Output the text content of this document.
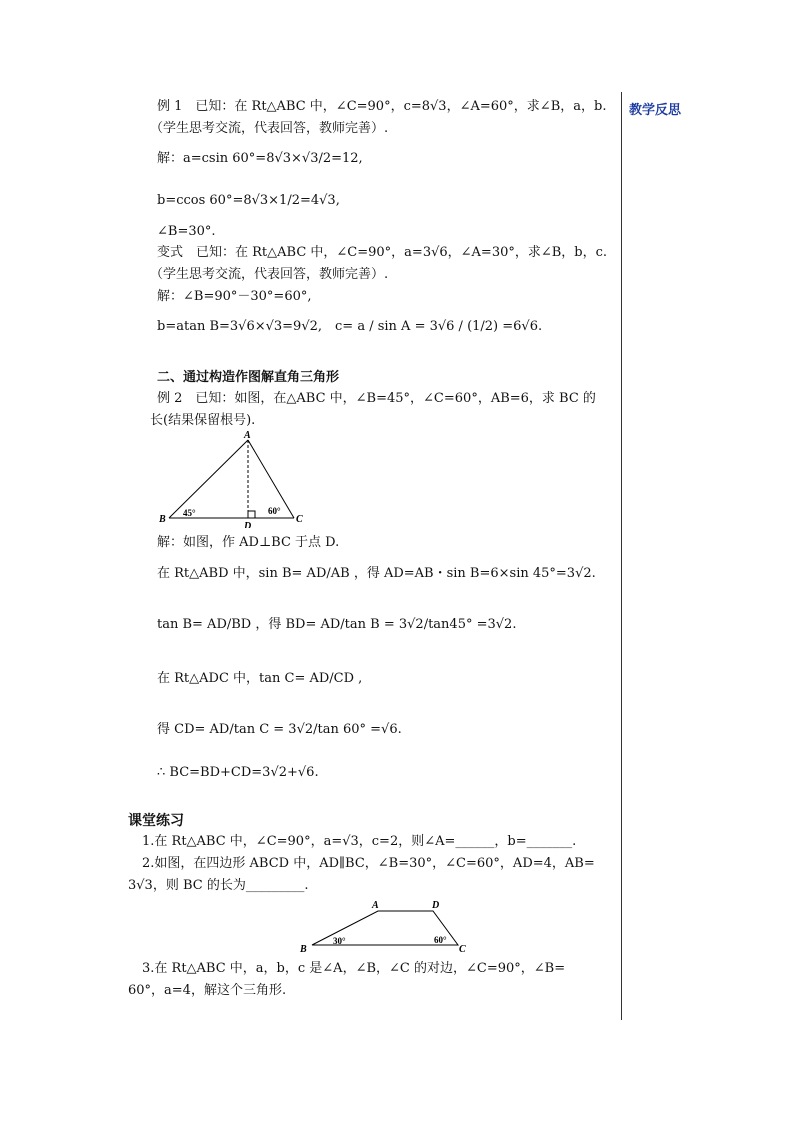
教学反思
例 1　已知：在 Rt△ABC 中，∠C=90°，c=8√3，∠A=60°，求∠B，a，b.
（学生思考交流，代表回答，教师完善）.
解：a=csin 60°=8√3×√3/2=12,
b=ccos 60°=8√3×1/2=4√3,
∠B=30°.
变式　已知：在 Rt△ABC 中，∠C=90°，a=3√6，∠A=30°，求∠B，b，c.
（学生思考交流，代表回答，教师完善）.
解：∠B=90°－30°=60°,
b=atan B=3√6×√3=9√2,　c= a / sin A = 3√6 / (1/2) =6√6.
二、通过构造作图解直角三角形
例 2　已知：如图，在△ABC 中，∠B=45°，∠C=60°，AB=6，求 BC 的
长(结果保留根号).
A
B	C
D
45°	60°
解：如图，作 AD⊥BC 于点 D.
在 Rt△ABD 中，sin B= AD/AB ，得 AD=AB・sin B=6×sin 45°=3√2.
tan B= AD/BD ，得 BD= AD/tan B = 3√2/tan45° =3√2.
在 Rt△ADC 中，tan C= AD/CD ,
得 CD= AD/tan C = 3√2/tan 60° =√6.
∴ BC=BD+CD=3√2+√6.
课堂练习
1.在 Rt△ABC 中，∠C=90°，a=√3，c=2，则∠A=______，b=_______.
2.如图，在四边形 ABCD 中，AD∥BC，∠B=30°，∠C=60°，AD=4，AB=
3√3，则 BC 的长为_________.
A
B	C
D
30°	60°
3.在 Rt△ABC 中，a，b，c 是∠A，∠B，∠C 的对边，∠C=90°，∠B=
60°，a=4，解这个三角形.
